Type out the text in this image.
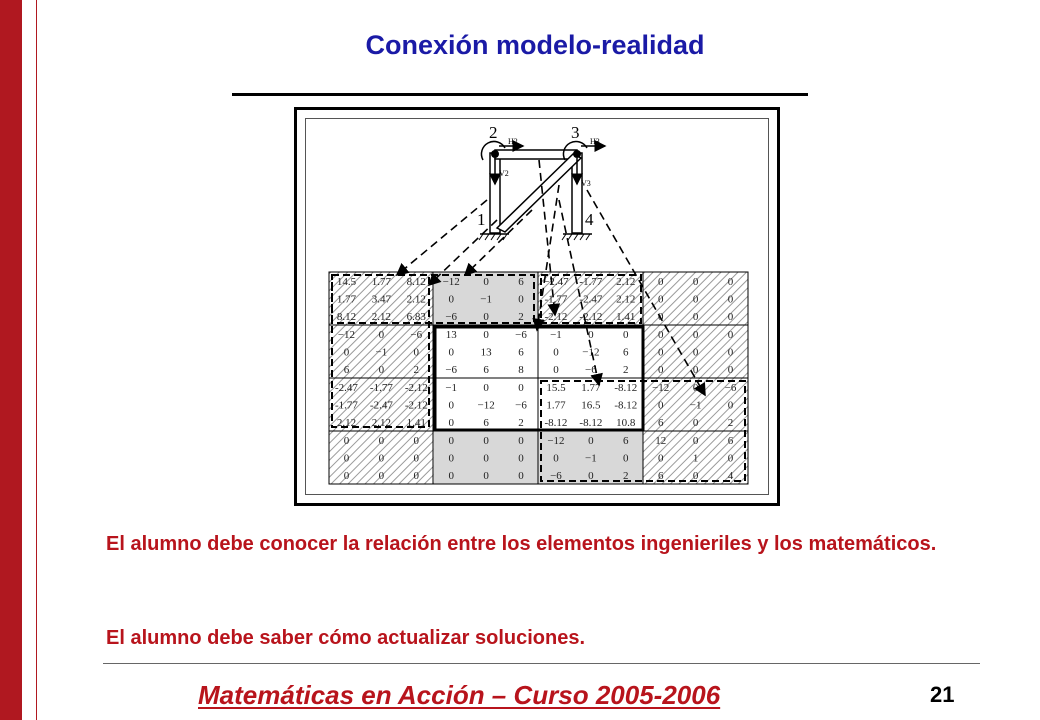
Conexión modelo-realidad
2	3
1	4
H2	H3
V2
V3
14.5 1.77 8.12 −12 0	6 −2.47 -1.77 2.12 0	0	0
1.77 3.47 2.12 0 −1 0 -1.77 -2.47 2.12 0	0	0
8.12 2.12 6.83 −6 0	2 -2.12 -2.12 1.41 0	0	0
−12 0 −6 13 0 −6 −1 0	0	0	0	0
0 −1 0	0 13 6	0 −12 6	0	0	0
6	0	2 −6 6	8	0 −6 2	0	0	0
-2.47 -1.77 -2.12 −1 0	0 15.5 1.77 -8.12 −12 0 −6
-1.77 -2.47 -2.12 0 −12 −6 1.77 16.5 -8.12 0 −1 0
2.12 2.12 1.41 0	6	2 -8.12 -8.12 10.8 6	0	2
0	0	0	0	0	0 −12 0	6 12 0	6
0	0	0	0	0	0	0 −1 0	0	1	0
0	0	0	0	0	0 −6 0	2	6	0	4
El alumno debe conocer la relación entre los elementos ingenieriles y los matemáticos.
El alumno debe saber cómo actualizar soluciones.
Matemáticas en Acción – Curso 2005-2006	21
